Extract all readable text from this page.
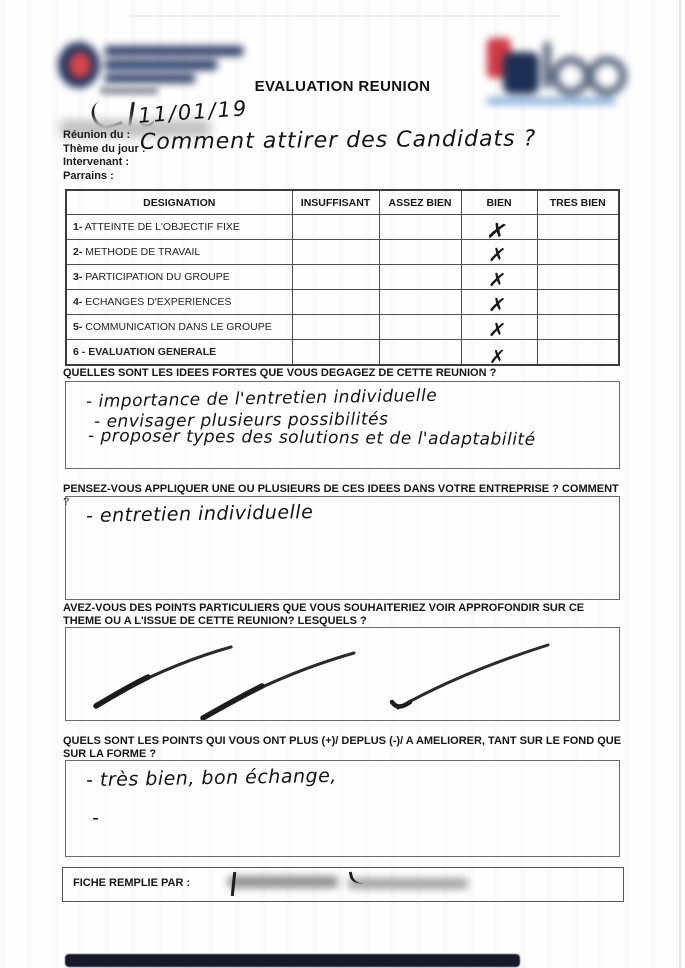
EVALUATION REUNION
Réunion du :
Thème du jour :
Intervenant :
Parrains :
11/01/19
Comment attirer des Candidats ?
DESIGNATION	INSUFFISANT	ASSEZ BIEN	BIEN	TRES BIEN
1- ATTEINTE DE L'OBJECTIF FIXE			✗	

2- METHODE DE TRAVAIL			✗	

3- PARTICIPATION DU GROUPE			✗	

4- ECHANGES D'EXPERIENCES			✗	

5- COMMUNICATION DANS LE GROUPE			✗	

6 - EVALUATION GENERALE			✗	

QUELLES SONT LES IDEES FORTES QUE VOUS DEGAGEZ DE CETTE REUNION ?
- importance de l'entretien individuelle
- envisager plusieurs possibilités
- proposer types des solutions et de l'adaptabilité
PENSEZ-VOUS APPLIQUER UNE OU PLUSIEURS DE CES IDEES DANS VOTRE ENTREPRISE ? COMMENT ? - entretien individuelle
AVEZ-VOUS DES POINTS PARTICULIERS QUE VOUS SOUHAITERIEZ VOIR APPROFONDIR SUR CE THEME OU A L'ISSUE DE CETTE REUNION? LESQUELS ?
QUELS SONT LES POINTS QUI VOUS ONT PLUS (+)/ DEPLUS (-)/ A AMELIORER, TANT SUR LE FOND QUE SUR LA FORME ?
- très bien, bon échange,
-
FICHE REMPLIE PAR :
